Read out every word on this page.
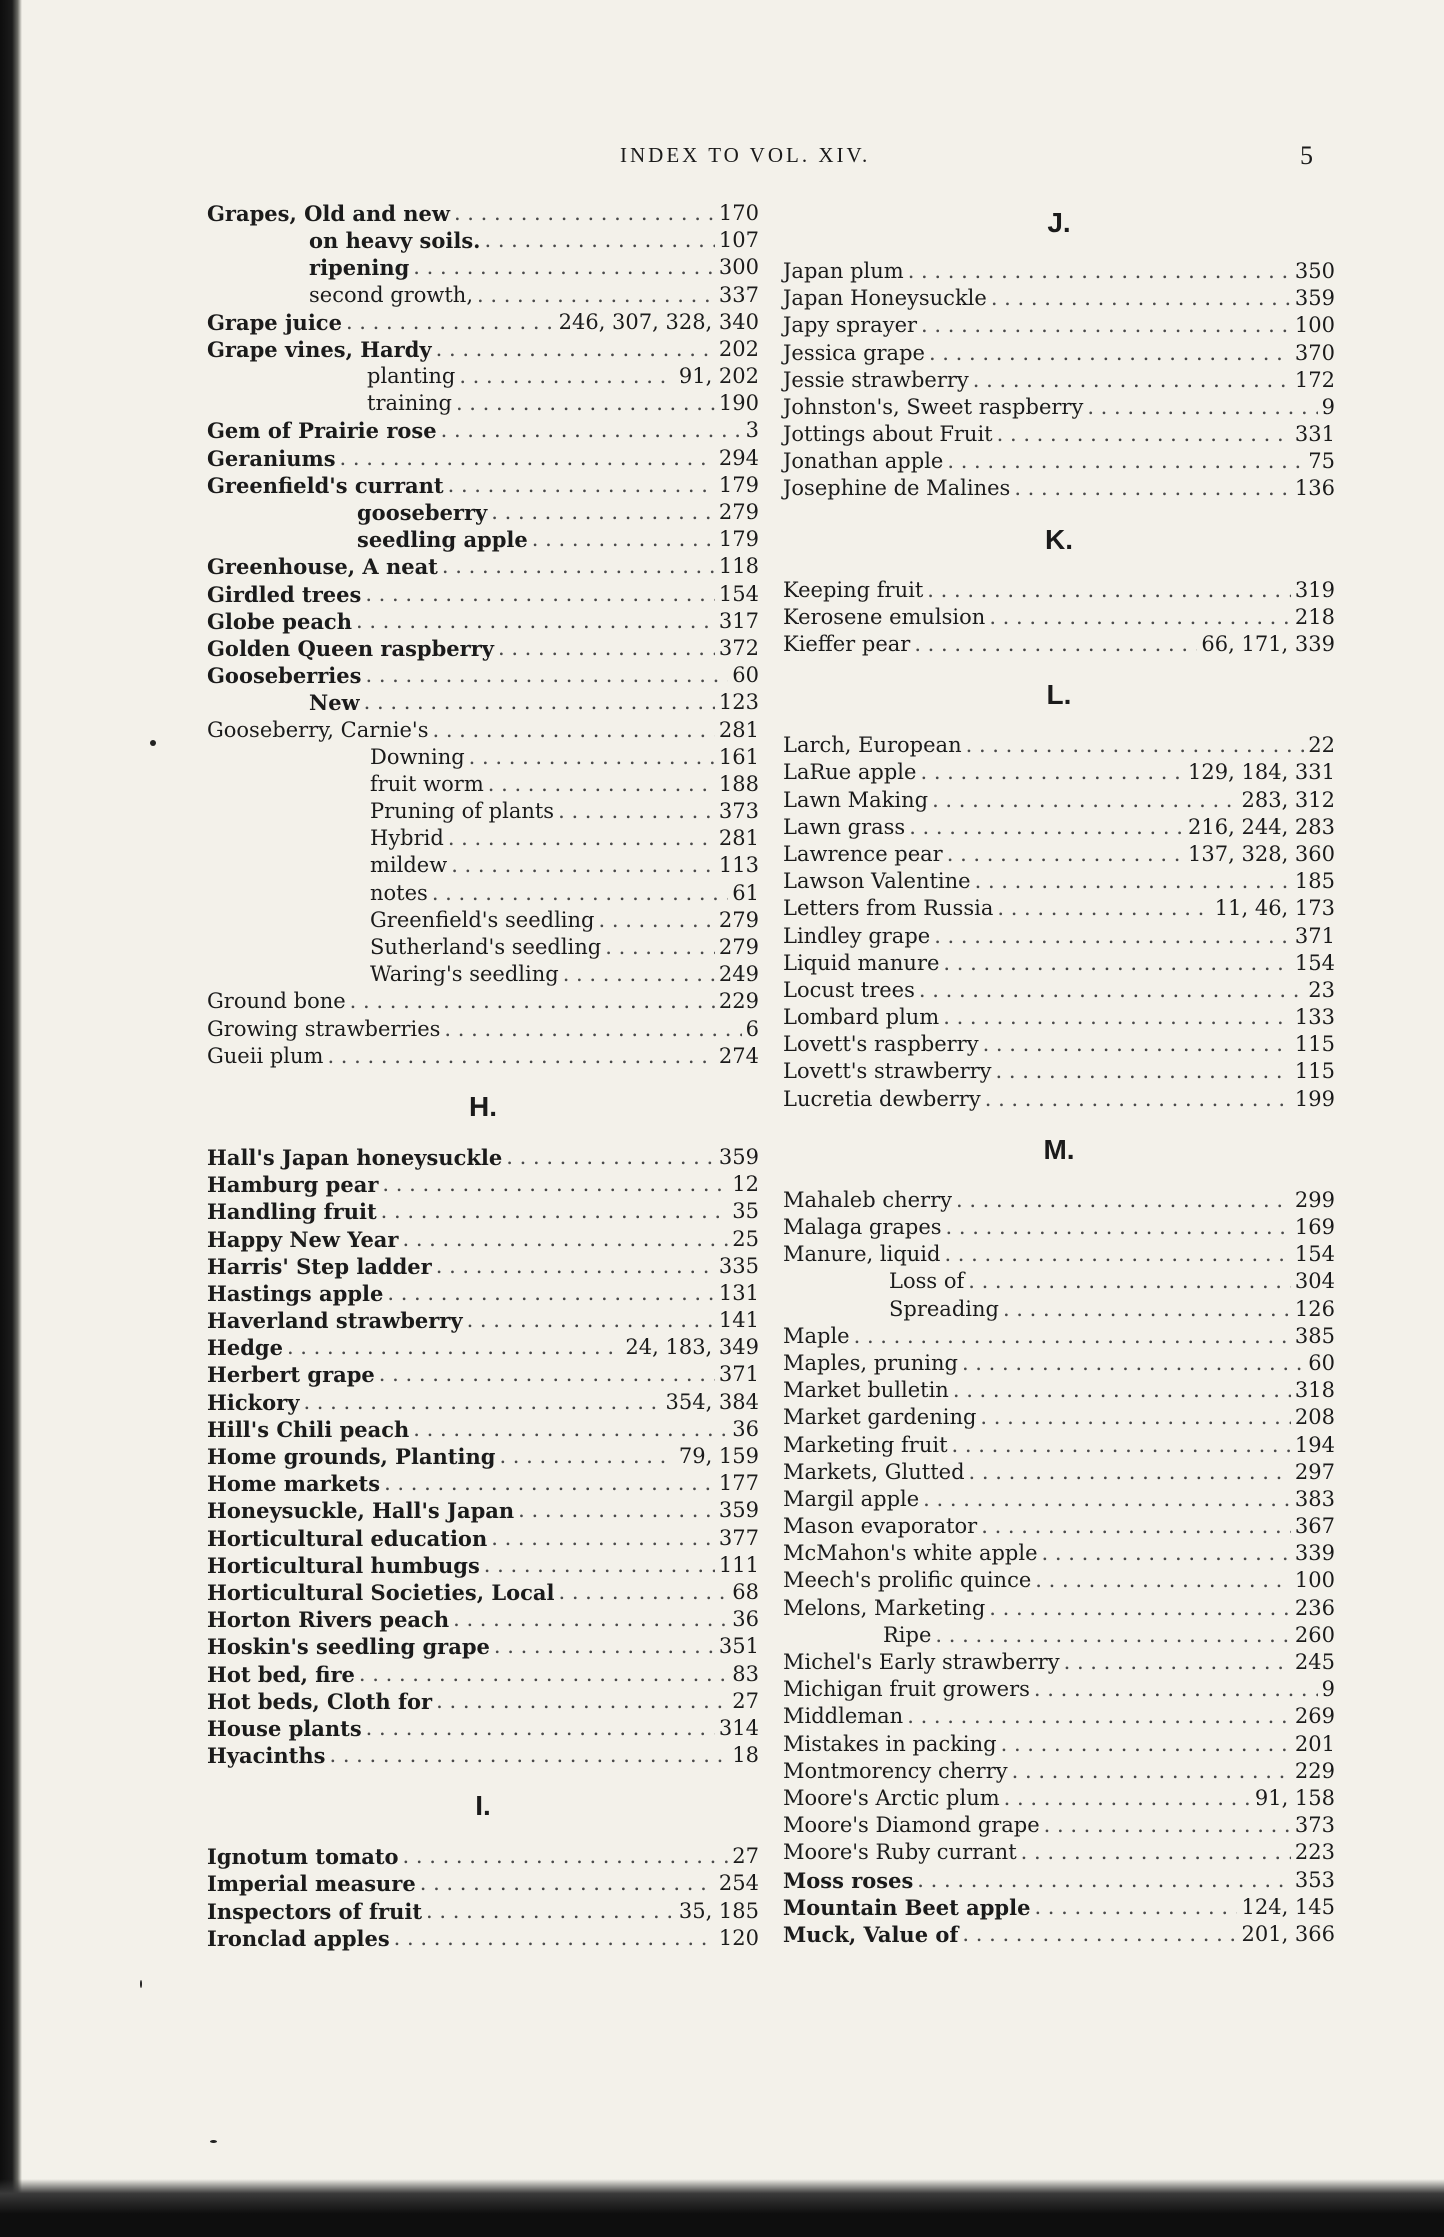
INDEX TO VOL. XIV.	5
Grapes, Old and new . . .	170
on heavy soils. . . .	107
ripening . . .	300
second growth, . . .	337
Grape juice . . .	246, 307, 328, 340
Grape vines, Hardy . . .	202
planting . . .	91, 202
training . . .	190
Gem of Prairie rose . . .	3
Geraniums . . .	294
Greenfield's currant . . .	179
gooseberry . . .	279
seedling apple . . .	179
Greenhouse, A neat . . .	118
Girdled trees . . .	154
Globe peach . . .	317
Golden Queen raspberry . . .	372
Gooseberries . . .	60
New . . .	123
Gooseberry, Carnie's . . .	281
Downing . . .	161
fruit worm . . .	188
Pruning of plants . . .	373
Hybrid . . .	281
mildew . . .	113
notes . . .	61
Greenfield's seedling . . .	279
Sutherland's seedling . . .	279
Waring's seedling . . .	249
Ground bone . . .	229
Growing strawberries . . .	6
Gueii plum . . .	274
H.
Hall's Japan honeysuckle . . .	359
Hamburg pear . . .	12
Handling fruit . . .	35
Happy New Year . . .	25
Harris' Step ladder . . .	335
Hastings apple . . .	131
Haverland strawberry . . .	141
Hedge . . .	24, 183, 349
Herbert grape . . .	371
Hickory . . .	354, 384
Hill's Chili peach . . .	36
Home grounds, Planting . . .	79, 159
Home markets . . .	177
Honeysuckle, Hall's Japan . . .	359
Horticultural education . . .	377
Horticultural humbugs . . .	111
Horticultural Societies, Local . . .	68
Horton Rivers peach . . .	36
Hoskin's seedling grape . . .	351
Hot bed, fire . . .	83
Hot beds, Cloth for . . .	27
House plants . . .	314
Hyacinths . . .	18
I.
Ignotum tomato . . .	27
Imperial measure . . .	254
Inspectors of fruit . . .	35, 185
Ironclad apples . . .	120
J.
Japan plum . . .	350
Japan Honeysuckle . . .	359
Japy sprayer . . .	100
Jessica grape . . .	370
Jessie strawberry . . .	172
Johnston's, Sweet raspberry . . .	9
Jottings about Fruit . . .	331
Jonathan apple . . .	75
Josephine de Malines . . .	136
K.
Keeping fruit . . .	319
Kerosene emulsion . . .	218
Kieffer pear . . .	66, 171, 339
L.
Larch, European . . .	22
LaRue apple . . .	129, 184, 331
Lawn Making . . .	283, 312
Lawn grass . . .	216, 244, 283
Lawrence pear . . .	137, 328, 360
Lawson Valentine . . .	185
Letters from Russia . . .	11, 46, 173
Lindley grape . . .	371
Liquid manure . . .	154
Locust trees . . .	23
Lombard plum . . .	133
Lovett's raspberry . . .	115
Lovett's strawberry . . .	115
Lucretia dewberry . . .	199
M.
Mahaleb cherry . . .	299
Malaga grapes . . .	169
Manure, liquid . . .	154
Loss of . . .	304
Spreading . . .	126
Maple . . .	385
Maples, pruning . . .	60
Market bulletin . . .	318
Market gardening . . .	208
Marketing fruit . . .	194
Markets, Glutted . . .	297
Margil apple . . .	383
Mason evaporator . . .	367
McMahon's white apple . . .	339
Meech's prolific quince . . .	100
Melons, Marketing . . .	236
Ripe . . .	260
Michel's Early strawberry . . .	245
Michigan fruit growers . . .	9
Middleman . . .	269
Mistakes in packing . . .	201
Montmorency cherry . . .	229
Moore's Arctic plum . . .	91, 158
Moore's Diamond grape . . .	373
Moore's Ruby currant . . .	223
Moss roses . . .	353
Mountain Beet apple . . .	124, 145
Muck, Value of . . .	201, 366
